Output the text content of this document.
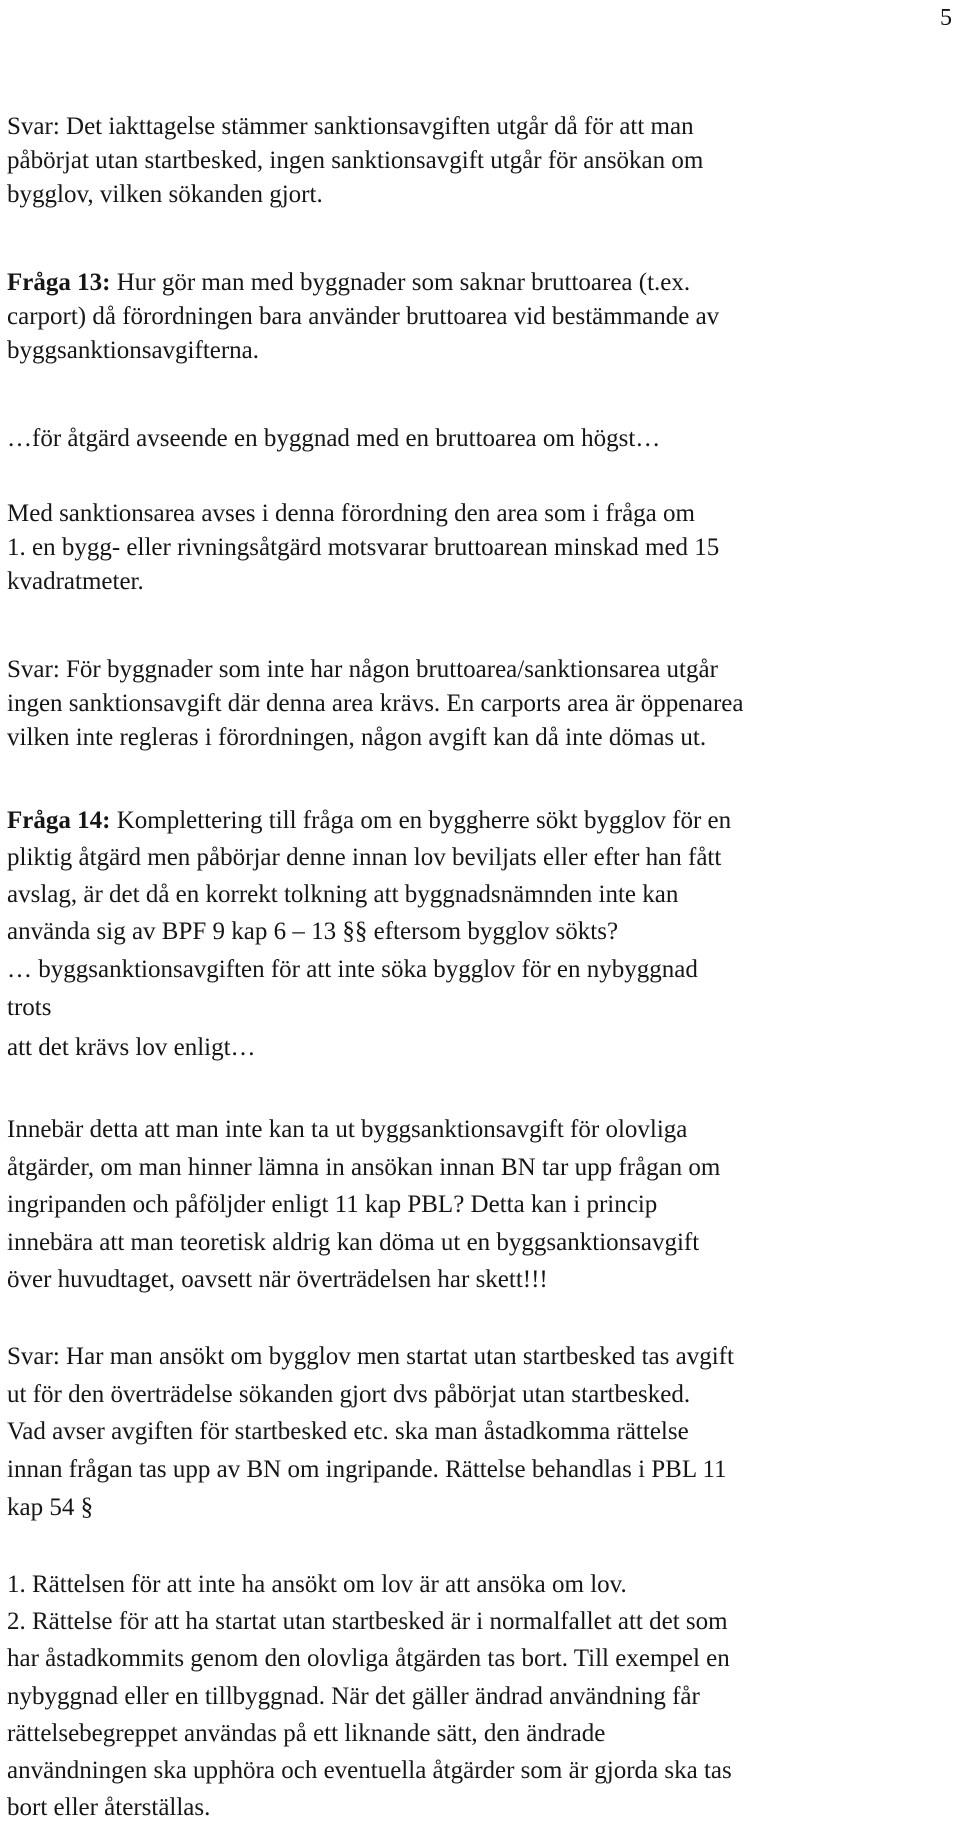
5
Svar: Det iakttagelse stämmer sanktionsavgiften utgår då för att man
påbörjat utan startbesked, ingen sanktionsavgift utgår för ansökan om
bygglov, vilken sökanden gjort.
Fråga 13: Hur gör man med byggnader som saknar bruttoarea (t.ex.
carport) då förordningen bara använder bruttoarea vid bestämmande av
byggsanktionsavgifterna.
…för åtgärd avseende en byggnad med en bruttoarea om högst…
Med sanktionsarea avses i denna förordning den area som i fråga om
1. en bygg- eller rivningsåtgärd motsvarar bruttoarean minskad med 15
kvadratmeter.
Svar: För byggnader som inte har någon bruttoarea/sanktionsarea utgår
ingen sanktionsavgift där denna area krävs. En carports area är öppenarea
vilken inte regleras i förordningen, någon avgift kan då inte dömas ut.
Fråga 14: Komplettering till fråga om en byggherre sökt bygglov för en
pliktig åtgärd men påbörjar denne innan lov beviljats eller efter han fått
avslag, är det då en korrekt tolkning att byggnadsnämnden inte kan
använda sig av BPF 9 kap 6 – 13 §§ eftersom bygglov sökts?
… byggsanktionsavgiften för att inte söka bygglov för en nybyggnad
trots
att det krävs lov enligt…
Innebär detta att man inte kan ta ut byggsanktionsavgift för olovliga
åtgärder, om man hinner lämna in ansökan innan BN tar upp frågan om
ingripanden och påföljder enligt 11 kap PBL? Detta kan i princip
innebära att man teoretisk aldrig kan döma ut en byggsanktionsavgift
över huvudtaget, oavsett när överträdelsen har skett!!!
Svar: Har man ansökt om bygglov men startat utan startbesked tas avgift
ut för den överträdelse sökanden gjort dvs påbörjat utan startbesked.
Vad avser avgiften för startbesked etc. ska man åstadkomma rättelse
innan frågan tas upp av BN om ingripande. Rättelse behandlas i PBL 11
kap 54 §
1. Rättelsen för att inte ha ansökt om lov är att ansöka om lov.
2. Rättelse för att ha startat utan startbesked är i normalfallet att det som
har åstadkommits genom den olovliga åtgärden tas bort. Till exempel en
nybyggnad eller en tillbyggnad. När det gäller ändrad användning får
rättelsebegreppet användas på ett liknande sätt, den ändrade
användningen ska upphöra och eventuella åtgärder som är gjorda ska tas
bort eller återställas.
